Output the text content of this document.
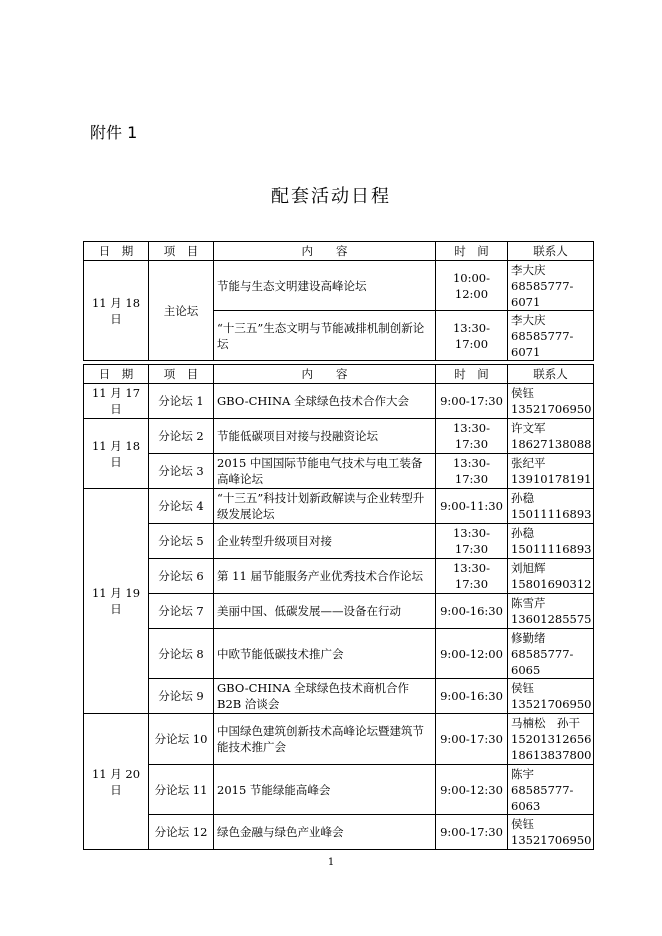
附件 1
配套活动日程
日　期	项　目	内　　容	时　间	联系人
11 月 18 日	主论坛	节能与生态文明建设高峰论坛	10:00-12:00	李大庆
68585777-6071
		“十三五”生态文明与节能减排机制创新论坛	13:30-17:00	李大庆
68585777-6071
日　期	项　目	内　　容	时　间	联系人
11 月 17 日	分论坛 1	GBO-CHINA 全球绿色技术合作大会	9:00-17:30	侯钰
13521706950
11 月 18 日	分论坛 2	节能低碳项目对接与投融资论坛	13:30-17:30	许文军
18627138088
	分论坛 3	2015 中国国际节能电气技术与电工装备高峰论坛	13:30-17:30	张纪平
13910178191
11 月 19 日	分论坛 4	“十三五”科技计划新政解读与企业转型升级发展论坛	9:00-11:30	孙稳
15011116893
	分论坛 5	企业转型升级项目对接	13:30-17:30	孙稳
15011116893
	分论坛 6	第 11 届节能服务产业优秀技术合作论坛	13:30-17:30	刘旭辉
15801690312
	分论坛 7	美丽中国、低碳发展——设备在行动	9:00-16:30	陈雪芹
13601285575
	分论坛 8	中欧节能低碳技术推广会	9:00-12:00	修勤绪
68585777-6065
	分论坛 9	GBO-CHINA 全球绿色技术商机合作 B2B 洽谈会	9:00-16:30	侯钰
13521706950
11 月 20 日	分论坛 10	中国绿色建筑创新技术高峰论坛暨建筑节能技术推广会	9:00-17:30	马楠松　孙干
15201312656
18613837800
	分论坛 11	2015 节能绿能高峰会	9:00-12:30	陈宇
68585777-6063
	分论坛 12	绿色金融与绿色产业峰会	9:00-17:30	侯钰
13521706950
1
